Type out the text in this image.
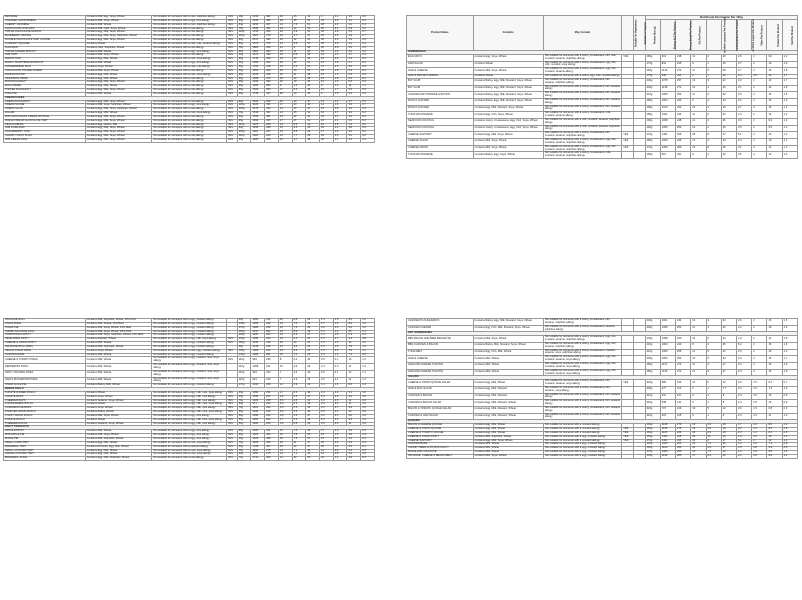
BROWNIE	Contains Milk, Egg, Soya, Wheat	Not suitable for someone with a nuts, sulphites allergy	YES	18g	2013	482	29	15	41	4	1.1	3.5	0.5
CARAMEL SHORTBREAD	Contains Milk, Soya, Wheat	Not suitable for someone with a egg, nuts allergy	YES	85g	2015	483	28	16	53	33	1.0	4.1	0.6
CHERRY CRUMBLE	Contains Milk, Wheat	Not suitable for someone with a nuts, sulphites allergy	YES	84g	1454	347	14	7.5	51	28	2.4	4.0	0.3
CHOCOLATE FLAPJACK	Contains Milk, Oats, Soya, Wheat	Not suitable for someone with a nuts allergy	YES	75g	1930	462	24	12	54	30	4.1	5.9	0.2
TRIPLE CHOCOLATE MUFFIN	Contains Egg, Milk, Soya, Wheat	Not suitable for someone with a nuts allergy	YES	110g	1768	423	22	6.9	50	30	2.8	5.6	0.7
BLUEBERRY MUFFIN	Contains Egg, Milk, Soya, Sulphites, Wheat	Not suitable for someone with a nuts allergy	YES	110g	1587	379	19	3.7	47	25	1.4	4.9	0.7
DOUBLE CHOCOLATE CHIP COOKIE	Contains Egg, Milk, Soya, Wheat	Not suitable for someone with a nuts allergy	YES	90g	2074	495	25	12	61	38	2.1	5.4	0.4
CURRANT SQUARE	Contains Wheat	Not suitable for someone with a milk, nuts, sesame allergy	YES	80g	1573	375	14	6.8	57	28	2.0	4.1	0.3
FLAPJACK	Contains Oats, Sulphites, Wheat	Not suitable for someone with a nuts allergy	YES	75g	1882	450	21	9	58	32	3.8	5.5	0.3
TRIPLE GINGER BISCUIT	Contains Milk, Wheat	Not suitable for someone with a egg, nuts allergy	YES	40g	1901	454	19	11	66	34	1.9	4.6	0.6
JAM TART	Contains Milk, Soya, Wheat	Not suitable for someone with a nuts allergy	YES	55g	1673	399	16	8.8	59	31	1.6	3.7	0.3
LEMON TART	Contains Egg, Milk, Wheat	Not suitable for someone with a nuts, soya allergy	YES	90g	1713	409	24	13	43	24	0.9	5.2	0.2
BUNNY SHORTBREAD BISCUIT	Contains Milk, Wheat	Not suitable for someone with a egg, nuts allergy	YES	32g	2094	500	26	16	61	21	1.8	5.7	0.3
GINGERBREAD MAN	Contains Soya, Wheat	Not suitable for someone with a milk, nuts allergy	YES	50g	1754	418	13	6.0	67	37	2.5	5.0	0.5
CHOCOLATE TOFFEE SWEDE	Contains Milk, Soya, Wheat	Not suitable for someone with a nuts allergy	YES	60g	1962	469	26	15	52	39	1.8	5.3	0.4
DANISH PASTRY	Contains Egg, Milk, Wheat	Not suitable for someone with a nuts, soya allergy	YES	95g	1513	362	20	11	38	15	1.3	6.0	0.5
CINNAMON SWIRL	Contains Egg, Milk, Wheat	Not suitable for someone with a nuts allergy	YES	95g	1568	375	18	10	45	19	1.8	6.6	0.5
MINI DOUGHNUT	Contains Egg, Milk, Soya, Wheat	Not suitable for someone with a nuts allergy	YES	25g	1649	394	22	10	42	13	1.6	5.6	0.6
EGG FINGER	Contains Egg, Milk, Wheat	Not suitable for someone with a nuts allergy	YES	60g	1189	284	9	3.6	40	9	1.6	14	1.1
TOFFEE DOUGHNUT	Contains Egg, Milk, Soya, Wheat	Not suitable for someone with a nuts allergy	YES	85g	1529	365	17	8.3	46	21	1.7	5.5	0.6
PUFF PIE	Contains Milk, Wheat	Not suitable for someone with a nuts allergy	YES	40g	1745	417	28	14	36	5	1.5	5.2	0.9
CREAM CAKES													
CREAM DOUGHNUT	Contains Egg, Milk, Soya, Wheat	Not suitable for someone with a nuts allergy	YES	90g	1463	349	20	10	37	14	1.4	4.7	0.5
CREAM SCONE	Contains Milk, Soya, Sulphites, Wheat	Not suitable for someone with a egg, nuts allergy	YES	120g	1405	336	17	10	40	14	1.6	5.0	0.7
CREAM SLICE	Contains Egg, Milk, Soya, Sulphites, Wheat	Not suitable for someone with a nuts allergy	YES	105g	1478	353	21	13	37	20	0.8	3.0	0.3
ECLAIR	Contains Egg, Milk, Wheat	Not suitable for someone with a nuts, soya allergy	YES	75g	1519	363	24	15	31	16	0.7	4.4	0.2
MINI CHOCOLATE CREAM SPONGE	Contains Egg, Milk, Soya, Wheat	Not suitable for someone with a nuts allergy	YES	60g	1596	381	21	12	42	30	1.3	4.2	0.4
FRESH CREAM CHOCOLATE TART	Contains Egg, Milk, Soya, Wheat	Not suitable for someone with a nuts allergy	YES	95g	1694	405	27	17	34	22	2.1	5.0	0.2
PEACH MELBA	Contains Egg, Gluten, Milk	Not suitable for someone with a nuts allergy	YES	110g	1123	268	14	8.6	32	22	0.8	3.1	0.3
JAM & MALLOW	Contains Egg, Milk, Soya, Wheat	Not suitable for someone with a nuts allergy	YES	80g	1458	348	16	9.5	46	29	1.2	3.8	0.4
STRAWBERRY TART	Contains Egg, Milk, Soya, Wheat	Not suitable for someone with a nuts allergy	YES	105g	1118	267	15	8.8	29	17	1.3	3.2	0.2
CHUNKY FRUIT FLAN	Contains Egg, Milk, Soya, Wheat	Not suitable for someone with a nuts allergy	YES	110g	1022	244	13	7.7	28	18	1.4	3.1	0.2
JAM CREAM ROLL	Contains Egg, Milk, Soya, Wheat	Not suitable for someone with a nuts allergy	YES	95g	1485	355	16	9.7	48	30	1.1	4.0	0.4
Product Name	Contains	May Contain	Suitable for Vegetarians	Suitable for Vegans	Nutritional Information Per 100g									
					Portion Size (g)	Energy (kJ) Per Product	Energy (kcal) Per Product	Fat Per Product	of which saturates Per Product	Carbohydrates Per Product	of which sugars Per Product	Fibre Per Product	Protein Per Product	Salt Per Product
SANDWICHES														
EGG MAYO	Contains Egg, Soya, Wheat	Not suitable for someone with a celery, crustaceans, fish, milk, mustard, sesame, sulphites allergy	YES		180g	913	218	11	2	20	2.6	2	9.0	1.2
HAM SALAD	Contains Wheat	Not suitable for someone with a celery, crustaceans, egg, fish, milk, mustard, soya allergy			175g	816	195	6	1	26	3.7	2	10	1.6
HAM & CHEESE	Contains Milk, Soya, Wheat	Not suitable for someone with a celery, crustaceans, egg, fish, mustard, sesame allergy			160g	1142	273	11	5	28	2.7	2	15	1.8
HAM & PEASE PUDDING	Contains Wheat	Not suitable for someone with a celery, egg, milk, mustard allergy			175g	936	224	5	1	32	2.4	3.5	12	1.7
BLT CLUB	Contains Barley, Egg, Milk, Mustard, Soya, Wheat	Not suitable for someone with a celery, crustaceans, fish, sesame, sulphites allergy			230g	1075	257	13	3	22	3.0	2	13	1.7
BLT CLUB	Contains Barley, Egg, Milk, Mustard, Soya, Wheat	Not suitable for someone with a celery, crustaceans, fish, sesame allergy			230g	1138	272	14	4	23	3.1	2	13	1.8
CHICKEN MAYONNAISE & BACON	Contains Barley, Egg, Milk, Mustard, Soya, Wheat	Not suitable for someone with a celery, crustaceans, fish, sesame allergy			210g	1055	252	11	2	22	2.5	2	16	1.5
ROAST CHICKEN	Contains Barley, Egg, Milk, Mustard, Soya, Wheat	Not suitable for someone with a celery, crustaceans, fish, sesame allergy			180g	1004	240	9	2	24	2.6	2	16	1.3
ROAST CHICKEN	Contains Egg, Milk, Mustard, Soya, Wheat	Not suitable for someone with a celery, crustaceans, fish, sesame allergy			190g	1013	242	10	2	23	2.7	2	15	1.4
TUNA MAYONNAISE	Contains Egg, Fish, Soya, Wheat	Not suitable for someone with a celery, crustaceans, milk, mustard, sesame allergy			180g	1021	244	11	2	22	2.4	2	12	1.2
SEAFOOD COCKTAIL	Contains Celery, Crustaceans, Egg, Fish, Soya, Wheat	Not suitable for someone with a milk, mustard, sesame, sulphites allergy			190g	1038	248	11	2	26	3.0	2	9.6	1.3
SEAFOOD COCKTAIL	Contains Celery, Crustaceans, Egg, Fish, Soya, Wheat	Not suitable for someone with a milk, mustard, sesame, sulphites allergy			190g	1059	253	12	2	26	3.0	2	9.5	1.3
CHEESE SAVOURY	Contains Egg, Milk, Soya, Wheat	Not suitable for someone with a celery, crustaceans, fish, mustard, sesame, sulphites allergy	YES		170g	1361	325	18	8	27	5.1	2	13	1.3
CHEESE SALAD	Contains Milk, Soya, Wheat	Not suitable for someone with a celery, crustaceans, egg, fish, mustard, sesame, sulphites allergy	YES		180g	1025	245	12	6	24	3.4	2	10	1.1
CHEESE ONION	Contains Milk, Soya, Wheat	Not suitable for someone with a celery, crustaceans, egg, fish, mustard, sesame, sulphites allergy	YES		170g	1293	309	16	8	26	3.1	2	13	1.3
TUNA MAYONNAISE	Contains Barley, Egg, Soya, Wheat	Not suitable for someone with a celery, crustaceans, milk, mustard, sesame, sulphites allergy			180g	967	231	9	2	22	2.5	2	13	1.2
SAUSAGE ROLL	Contains Milk, Sulphites, Wheat, 18% Pork	Not suitable for someone with a egg, mustard allergy		66g	1306	312	20	8.8	26	1.4	1.5	8.0	1.2
STEAK BAKE	Contains Milk, Wheat, 15% Beef	Not suitable for someone with a egg, mustard allergy		139g	1055	252	14	7.0	23	1.7	1.3	8.9	1.0
STEAK PIE	Contains Milk, Soya, Wheat, 15% Beef	Not suitable for someone with a egg, mustard allergy		170g	1083	259	15	7.3	22	1.2	1.4	9.0	1.0
SUPER SAUSAGE ROLL	Contains Milk, Soya, Wheat, 35% Pork	Not suitable for someone with a egg, mustard allergy		150g	1217	291	19	8.6	19	1.1	1.2	10	1.3
TRADITIONAL PASTY	Contains Milk, Soya, Sulphites, Wheat, 15% Beef	Not suitable for someone with a egg, mustard allergy		190g	1100	263	14	6.9	27	1.3	1.8	5.9	0.9
VEGETABLE PASTY	Contains Mustard, Wheat	Not suitable for someone with a egg, milk, soya allergy	YES	155g	1046	250	14	6.3	25	1.5	2.7	4.4	0.8
CHEESE & ONION PASTY	Contains Milk, Wheat	Not suitable for someone with a egg, mustard allergy	YES	160g	1333	318	20	10	25	1.6	1.5	10	1.0
SAUSAGE ROLL (MINI)	Contains Milk, Sulphites, Wheat	Not suitable for someone with a egg, mustard allergy		30g	1319	315	21	9.0	25	1.5	1.5	7.9	1.2
VEGAN STEAK BAKE	Contains Soya, Wheat	Not suitable for someone with a milk, egg, mustard allergy	YES	140g	1009	241	13	6.2	23	1.9	2.6	7.6	1.0
CHICKEN BAKE	Contains Milk, Wheat	Not suitable for someone with a egg, mustard allergy		140g	1093	261	15	7.4	23	1.3	1.2	7.4	0.8
CHEESE & TOMATO PIZZA	Contains Milk, Wheat	Not suitable for someone with a egg, mustard, nuts, soya allergy	YES	110g	963	230	8	4.4	30	3.5	2.1	10	1.0
PEPPERONI PIZZA	Contains Milk, Wheat	Not suitable for someone with a egg, mustard, nuts, soya allergy		110g	1008	241	10	4.9	29	3.4	2.0	11	1.3
SPICY CHICKEN PIZZA	Contains Milk, Wheat	Not suitable for someone with a egg, mustard, nuts, soya allergy		110g	933	223	7	3.6	30	3.6	2.1	12	1.1
HAM & MUSHROOM PIZZA	Contains Milk, Wheat	Not suitable for someone with a egg, mustard, nuts, soya allergy		110g	921	220	7	3.9	29	3.2	2.1	11	1.2
STEAK & ALE PIE	Contains Barley, Milk, Wheat	Not suitable for someone with a egg, mustard allergy		170g	1042	249	14	6.9	23	1.4	1.4	8.5	1.0
BREAD ROLLS													
6 WHITE DINNER ROLLS	Contains Wheat	Not suitable for someone with a egg, milk, nuts, soya allergy	YES	45g	1054	252	1.7	0.3	49	2.4	2.2	9.1	1.0
4 WHITE BAPS	Contains Soya, Wheat	Not suitable for someone with a egg, milk, nuts allergy	YES	65g	1033	247	2.2	0.4	47	2.3	2.4	9.2	1.0
4 SEEDED BAPS	Contains Sesame, Soya, Wheat	Not suitable for someone with a egg, milk, nuts allergy	YES	70g	1109	265	5.6	0.8	41	2.0	4.5	11	0.9
6 WHOLEMEAL ROLLS	Contains Wheat	Not suitable for someone with a egg, milk, nuts, soya allergy	YES	50g	971	232	3.4	0.6	38	2.6	6.6	11	1.0
4 FARMHOUSE BAPS	Contains Soya, Wheat	Not suitable for someone with a egg, milk, nuts allergy	YES	70g	1021	244	2.3	0.5	46	2.1	2.7	9.3	1.0
6 MALTED GRAIN ROLLS	Contains Barley, Wheat	Not suitable for someone with a egg, milk, nuts, soya allergy	YES	50g	1042	249	3.3	0.5	44	2.9	4.1	10	0.9
4 SOFT WHITE ROLLS	Contains Milk, Soya, Wheat	Not suitable for someone with a egg, nuts allergy	YES	60g	1096	262	3.9	1.6	47	3.1	2.1	9.0	1.0
6 WHITE ROLLS	Contains Wheat	Not suitable for someone with a egg, milk, nuts, soya allergy	YES	55g	1054	252	1.7	0.3	49	2.4	2.2	9.1	1.0
6 SEEDED ROLLS	Contains Sesame, Soya, Wheat	Not suitable for someone with a egg, milk, nuts allergy	YES	55g	1109	265	5.6	0.8	41	2.0	4.5	11	0.9
PARTY PRODUCTS													
APPLE PASTRY	Contains Milk, Wheat	Not suitable for someone with a egg, nuts allergy	YES	80g	1302	311	15	7.6	40	17	2.0	3.3	0.3
MINI APPLE PIE	Contains Milk, Soya, Wheat	Not suitable for someone with a egg, nuts allergy	YES	60g	1522	364	16	7.8	51	23	1.5	3.8	0.3
MINCE PIE	Contains Milk, Sulphites, Wheat	Not suitable for someone with a egg, nuts allergy	YES	60g	1625	388	16	7.9	57	31	2.0	3.4	0.3
SMALL CURD TART	Contains Egg, Milk, Wheat	Not suitable for someone with a nuts, soya allergy	YES	70g	1489	356	20	11	37	20	0.9	6.3	0.4
BAKEWELL TART	Contains Almonds, Egg, Milk, Wheat	Not suitable for someone with a peanuts allergy	YES	60g	1788	427	24	10	47	28	1.4	5.5	0.2
SMALL CUSTARD TART	Contains Egg, Milk, Wheat	Not suitable for someone with a nuts, soya allergy	YES	75g	1150	275	14	7.1	32	14	0.8	5.2	0.3
LARGE CUSTARD TART	Contains Egg, Milk, Wheat	Not suitable for someone with a nuts, soya allergy	YES	90g	1150	275	14	7.1	32	14	0.8	5.2	0.3
BAKEWELL SLICE	Contains Egg, Milk, Sulphites, Wheat	Not suitable for someone with a nuts allergy	YES	70g	1712	409	21	10	50	34	1.4	4.9	0.3
CHICKEN PLOUGHMAN'S	Contains Barley, Egg, Milk, Mustard, Soya, Wheat	Not suitable for someone with a celery, crustaceans, fish, sesame, sulphites allergy			230g	1021	244	10	3	23	3.6	2	15	1.5
CHICKEN CAESAR	Contains Egg, Fish, Milk, Mustard, Soya, Wheat	Not suitable for someone with a celery, crustaceans, sesame, sulphites allergy			200g	1059	253	11	3	22	2.2	2	16	1.5
HOT SANDWICHES														
BBC BACON AND BRIE BAGUETTE	Contains Milk, Soya, Wheat	Not suitable for someone with a celery, crustaceans, egg, fish, mustard, sesame, sulphites allergy			230g	1088	260	12	6	24	1.9	2	14	1.8
BBQ CHICKEN & BACON	Contains Barley, Milk, Mustard, Soya, Wheat	Not suitable for someone with a celery, crustaceans, egg, fish, sesame, sulphites allergy			240g	1003	240	8	3	25	5.2	2	16	1.6
TUNA MELT	Contains Egg, Fish, Milk, Wheat	Not suitable for someone with a celery, crustaceans, mustard, sesame, soya, sulphites allergy			210g	1066	255	11	5	22	2.0	2	16	1.3
HAM & CHEESE	Contains Milk, Wheat	Not suitable for someone with a celery, crustaceans, egg, fish, mustard, sesame, soya allergy			200g	1054	252	10	5	23	2.0	2	16	1.7
HAM AND CHEESE TOASTIE	Contains Milk, Wheat	Not suitable for someone with a celery, crustaceans, egg, fish, mustard, sesame, soya allergy			150g	1147	274	11	6	27	2.3	2	16	1.9
HAM AND CHEESE TOASTIE	Contains Milk, Wheat	Not suitable for someone with a celery, crustaceans, egg, fish, mustard, sesame, soya allergy			150g	1140	272	11	6	27	2.3	2	16	1.9
SALADS														
CHEESE & ONION QUICHE SALAD	Contains Egg, Milk, Wheat	Not suitable for someone with a celery, crustaceans, fish, mustard, sesame, soya allergy	YES		320g	686	164	10	5	12	2.6	1.5	6.2	0.7
HAM & EGG SALAD	Contains Egg, Milk, Mustard	Not suitable for someone with a celery, crustaceans, fish, sesame, soya allergy			300g	477	114	6	1	7.7	2.3	1.5	7.4	1.0
CHICKEN & BACON	Contains Egg, Milk, Mustard	Not suitable for someone with a celery, crustaceans, fish, sesame allergy			310g	531	127	6	1	8	2.4	1.5	10	0.9
CHICKEN & BACON SALAD	Contains Egg, Milk, Mustard, Wheat	Not suitable for someone with a celery, crustaceans, fish, sesame allergy			310g	548	131	6	1	8	2.4	1.5	10	0.9
BACON & TOMATO QUICHE SALAD	Contains Egg, Milk, Mustard, Wheat	Not suitable for someone with a celery, crustaceans, fish, sesame allergy			320g	707	169	10	5	12	2.6	1.5	6.8	0.9
CHICKEN & HAM SALAD	Contains Egg, Milk, Mustard, Wheat	Not suitable for someone with a celery, crustaceans, fish, sesame allergy			310g	523	125	5	1	8	2.4	1.5	11	1.0
QUICHES														
BACON & CHEESE QUICHE	Contains Egg, Milk, Wheat	Not suitable for someone with a mustard allergy			160g	1168	279	19	9.0	19	1.7	1.0	8.8	1.0
CHEESE & ONION QUICHE	Contains Egg, Milk, Wheat	Not suitable for someone with a mustard allergy	YES		160g	1155	276	19	9.4	18	2.2	1.1	8.5	0.8
CHEESE & TOMATO QUICHE	Contains Egg, Milk, Wheat	Not suitable for someone with a mustard allergy	YES		160g	1105	264	18	8.9	18	2.3	1.1	8.2	0.8
CHEESE & ONION PASTY	Contains Milk, Sulphites, Wheat	Not suitable for someone with a egg, mustard allergy	YES		155g	1333	318	20	10	25	1.6	1.5	10	1.0
CHEESE SAVOURY	Contains Egg, Milk, Soya, Wheat	Not suitable for someone with a mustard allergy	YES		170g	1361	325	18	8	27	5.1	2	13	1.3
CHICKEN BAKE	Contains Milk, Wheat	Not suitable for someone with a egg, mustard allergy			140g	1093	261	15	7.4	23	1.3	1.2	7.4	0.8
CHUNKY BEEF & POTATO PASTY	Contains Milk, Wheat	Not suitable for someone with a egg, mustard allergy			190g	1100	263	14	6.9	27	1.3	1.8	5.9	0.9
MINCE AND ONION PIE	Contains Milk, Wheat	Not suitable for someone with a egg, mustard allergy			170g	1083	259	15	7.3	22	1.2	1.4	9.0	1.0
SAUSAGE, CHEESE & BEANS MELT	Contains Milk, Soya, Wheat	Not suitable for someone with a egg, mustard allergy			145g	1192	285	17	8.2	23	2.1	1.8	9.8	1.2
